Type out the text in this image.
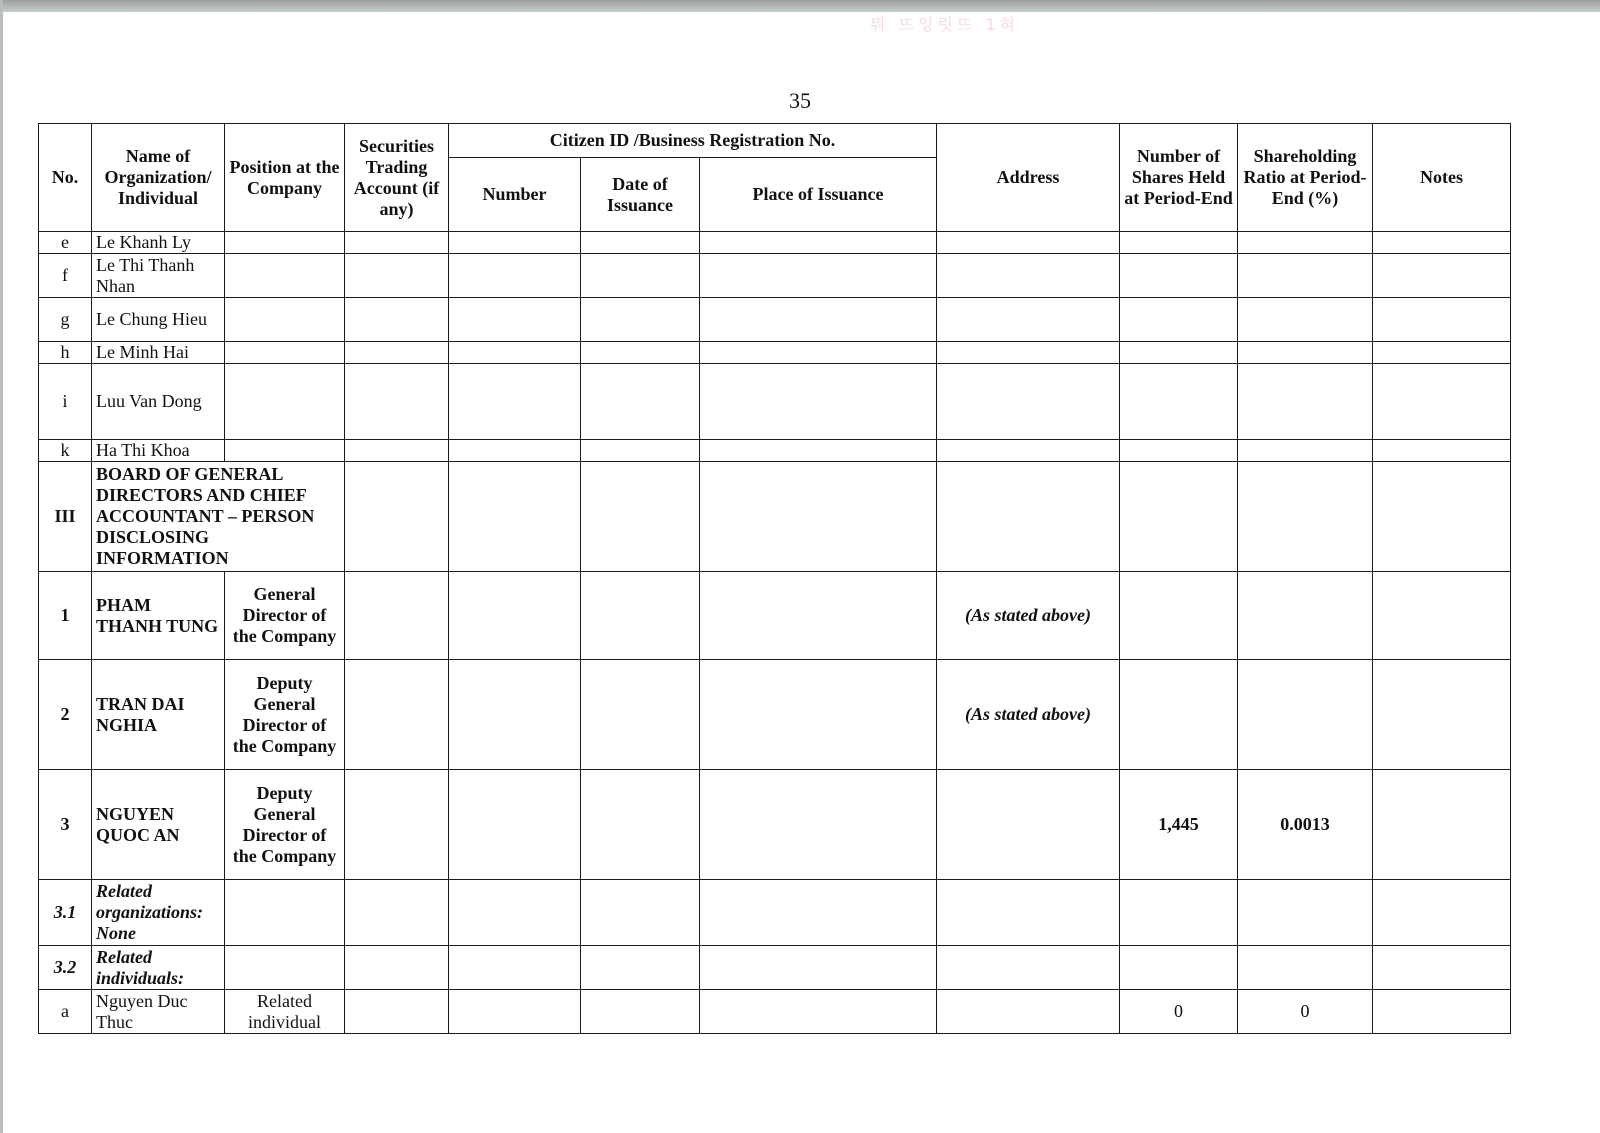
뭐 뜨잉릿뜨 1혀
35
No.	Name of Organization/ Individual	Position at the Company	Securities Trading Account (if any)	Citizen ID /Business Registration No.			Address	Number of Shares Held at Period-End	Shareholding Ratio at Period-End (%)	Notes
				Number	Date of Issuance	Place of Issuance				
e	Le Khanh Ly									
f	Le Thi Thanh Nhan									
g	Le Chung Hieu									
h	Le Minh Hai									
i	Luu Van Dong									
k	Ha Thi Khoa									
III	BOARD OF GENERAL DIRECTORS AND CHIEF ACCOUNTANT – PERSON DISCLOSING INFORMATION									
1	PHAM THANH TUNG	General Director of the Company					(As stated above)			
2	TRAN DAI NGHIA	Deputy General Director of the Company					(As stated above)			
3	NGUYEN QUOC AN	Deputy General Director of the Company						1,445	0.0013	
3.1	Related organizations: None									
3.2	Related individuals:									
a	Nguyen Duc Thuc	Related individual						0	0	
